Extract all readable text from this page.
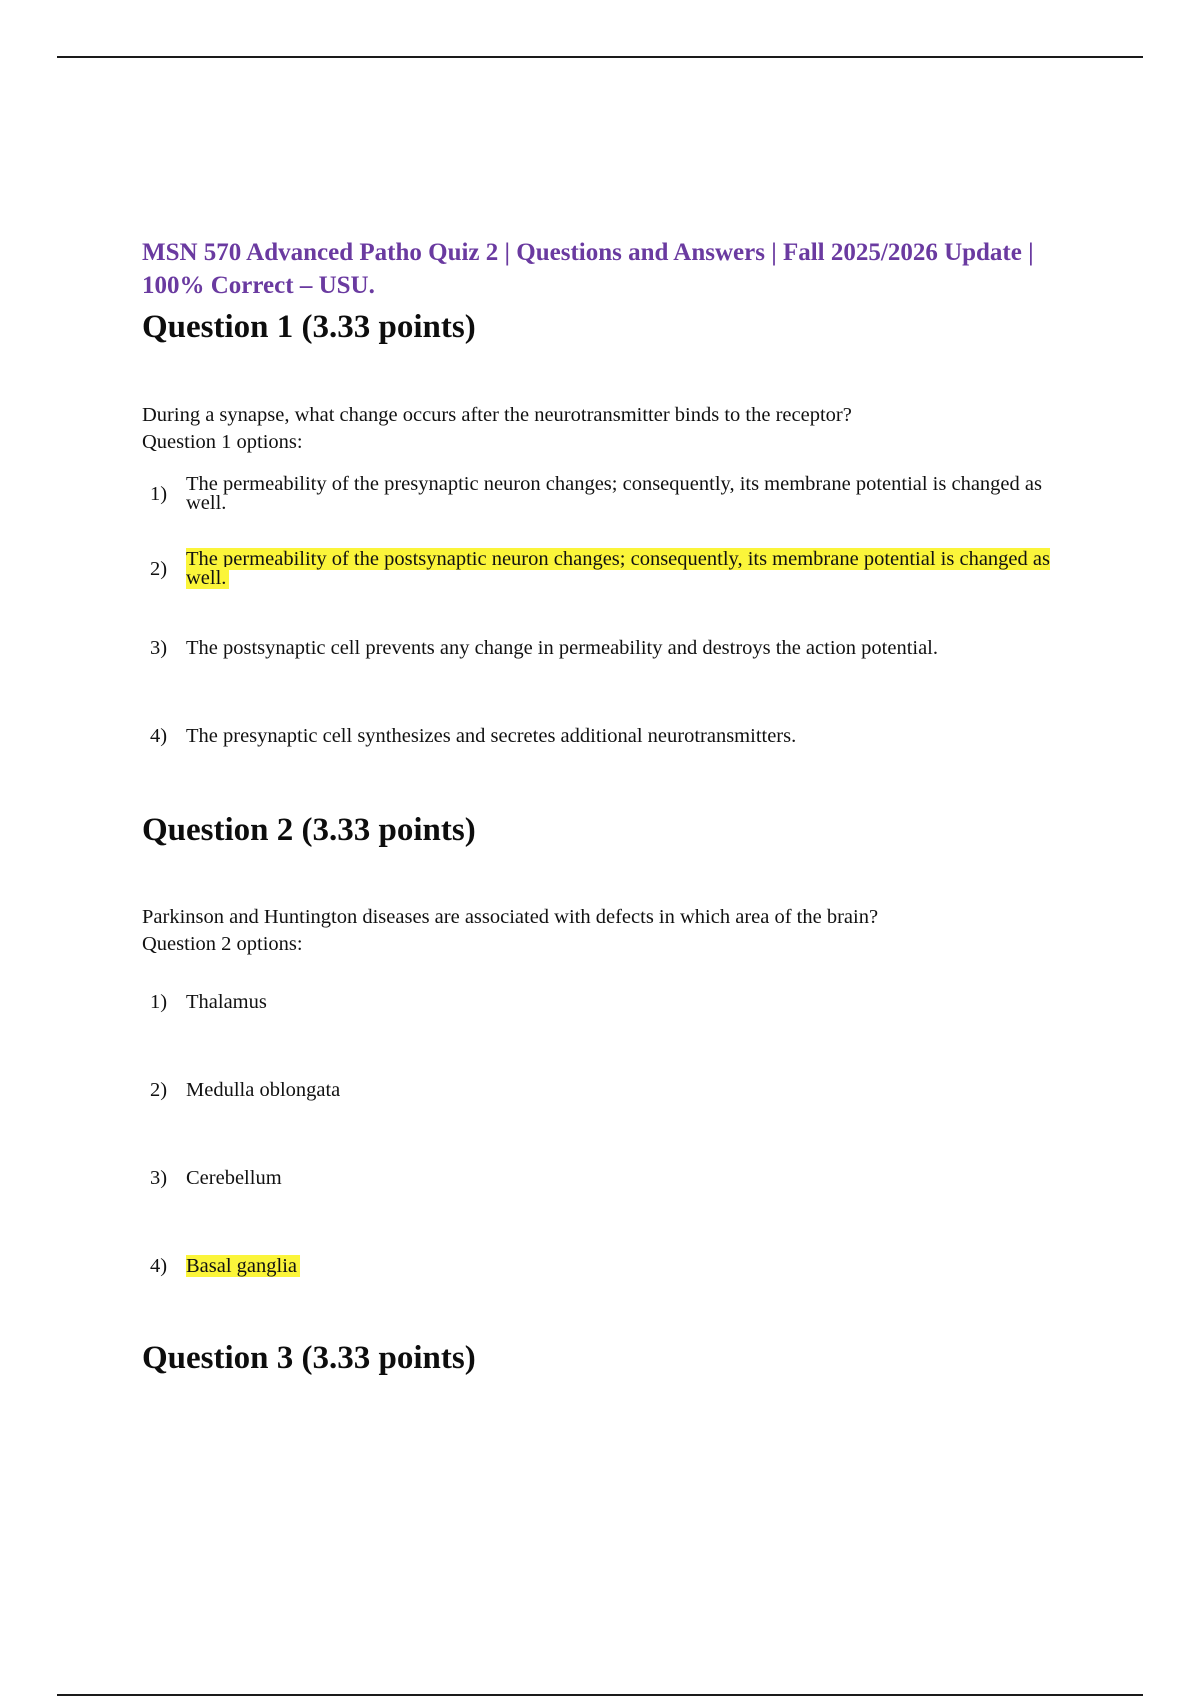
MSN 570 Advanced Patho Quiz 2 | Questions and Answers | Fall 2025/2026 Update | 100% Correct – USU.
Question 1 (3.33 points)
During a synapse, what change occurs after the neurotransmitter binds to the receptor?
Question 1 options:
1) The permeability of the presynaptic neuron changes; consequently, its membrane potential is changed as well.
2) The permeability of the postsynaptic neuron changes; consequently, its membrane potential is changed as well.
3) The postsynaptic cell prevents any change in permeability and destroys the action potential.
4) The presynaptic cell synthesizes and secretes additional neurotransmitters.
Question 2 (3.33 points)
Parkinson and Huntington diseases are associated with defects in which area of the brain?
Question 2 options:
1) Thalamus
2) Medulla oblongata
3) Cerebellum
4) Basal ganglia
Question 3 (3.33 points)
